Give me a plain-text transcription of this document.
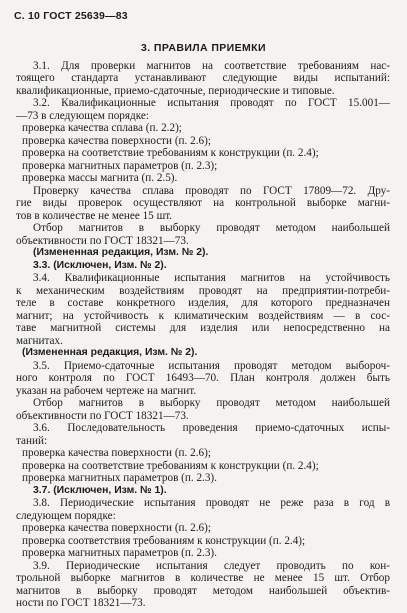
С. 10 ГОСТ 25639—83
3. ПРАВИЛА ПРИЕМКИ
3.1. Для проверки магнитов на соответствие требованиям нас-
тоящего стандарта устанавливают следующие виды испытаний:
квалификационные, приемо-сдаточные, периодические и типовые.
3.2. Квалификационные испытания проводят по ГОСТ 15.001—
—73 в следующем порядке:
проверка качества сплава (п. 2.2);
проверка качества поверхности (п. 2.6);
проверка на соответствие требованиям к конструкции (п. 2.4);
проверка магнитных параметров (п. 2.3);
проверка массы магнита (п. 2.5).
Проверку качества сплава проводят по ГОСТ 17809—72. Дру-
гие виды проверок осуществляют на контрольной выборке магни-
тов в количестве не менее 15 шт.
Отбор магнитов в выборку проводят методом наибольшей
объективности по ГОСТ 18321—73.
(Измененная редакция, Изм. № 2).
3.3. (Исключен, Изм. № 2).
3.4. Квалификационные испытания магнитов на устойчивость
к механическим воздействиям проводят на предприятии-потреби-
теле в составе конкретного изделия, для которого предназначен
магнит; на устойчивость к климатическим воздействиям — в сос-
таве магнитной системы для изделия или непосредственно на
магнитах.
(Измененная редакция, Изм. № 2).
3.5. Приемо-сдаточные испытания проводят методом выбороч-
ного контроля по ГОСТ 16493—70. План контроля должен быть
указан на рабочем чертеже на магнит.
Отбор магнитов в выборку проводят методом наибольшей
объективности по ГОСТ 18321—73.
3.6. Последовательность проведения приемо-сдаточных испы-
таний:
проверка качества поверхности (п. 2.6);
проверка на соответствие требованиям к конструкции (п. 2.4);
проверка магнитных параметров (п. 2.3).
3.7. (Исключен, Изм. № 1).
3.8. Периодические испытания проводят не реже раза в год в
следующем порядке:
проверка качества поверхности (п. 2.6);
проверка соответствия требованиям к конструкции (п. 2.4);
проверка магнитных параметров (п. 2.3).
3.9. Периодические испытания следует проводить по кон-
трольной выборке магнитов в количестве не менее 15 шт. Отбор
магнитов в выборку проводят методом наибольшей объектив-
ности по ГОСТ 18321—73.
